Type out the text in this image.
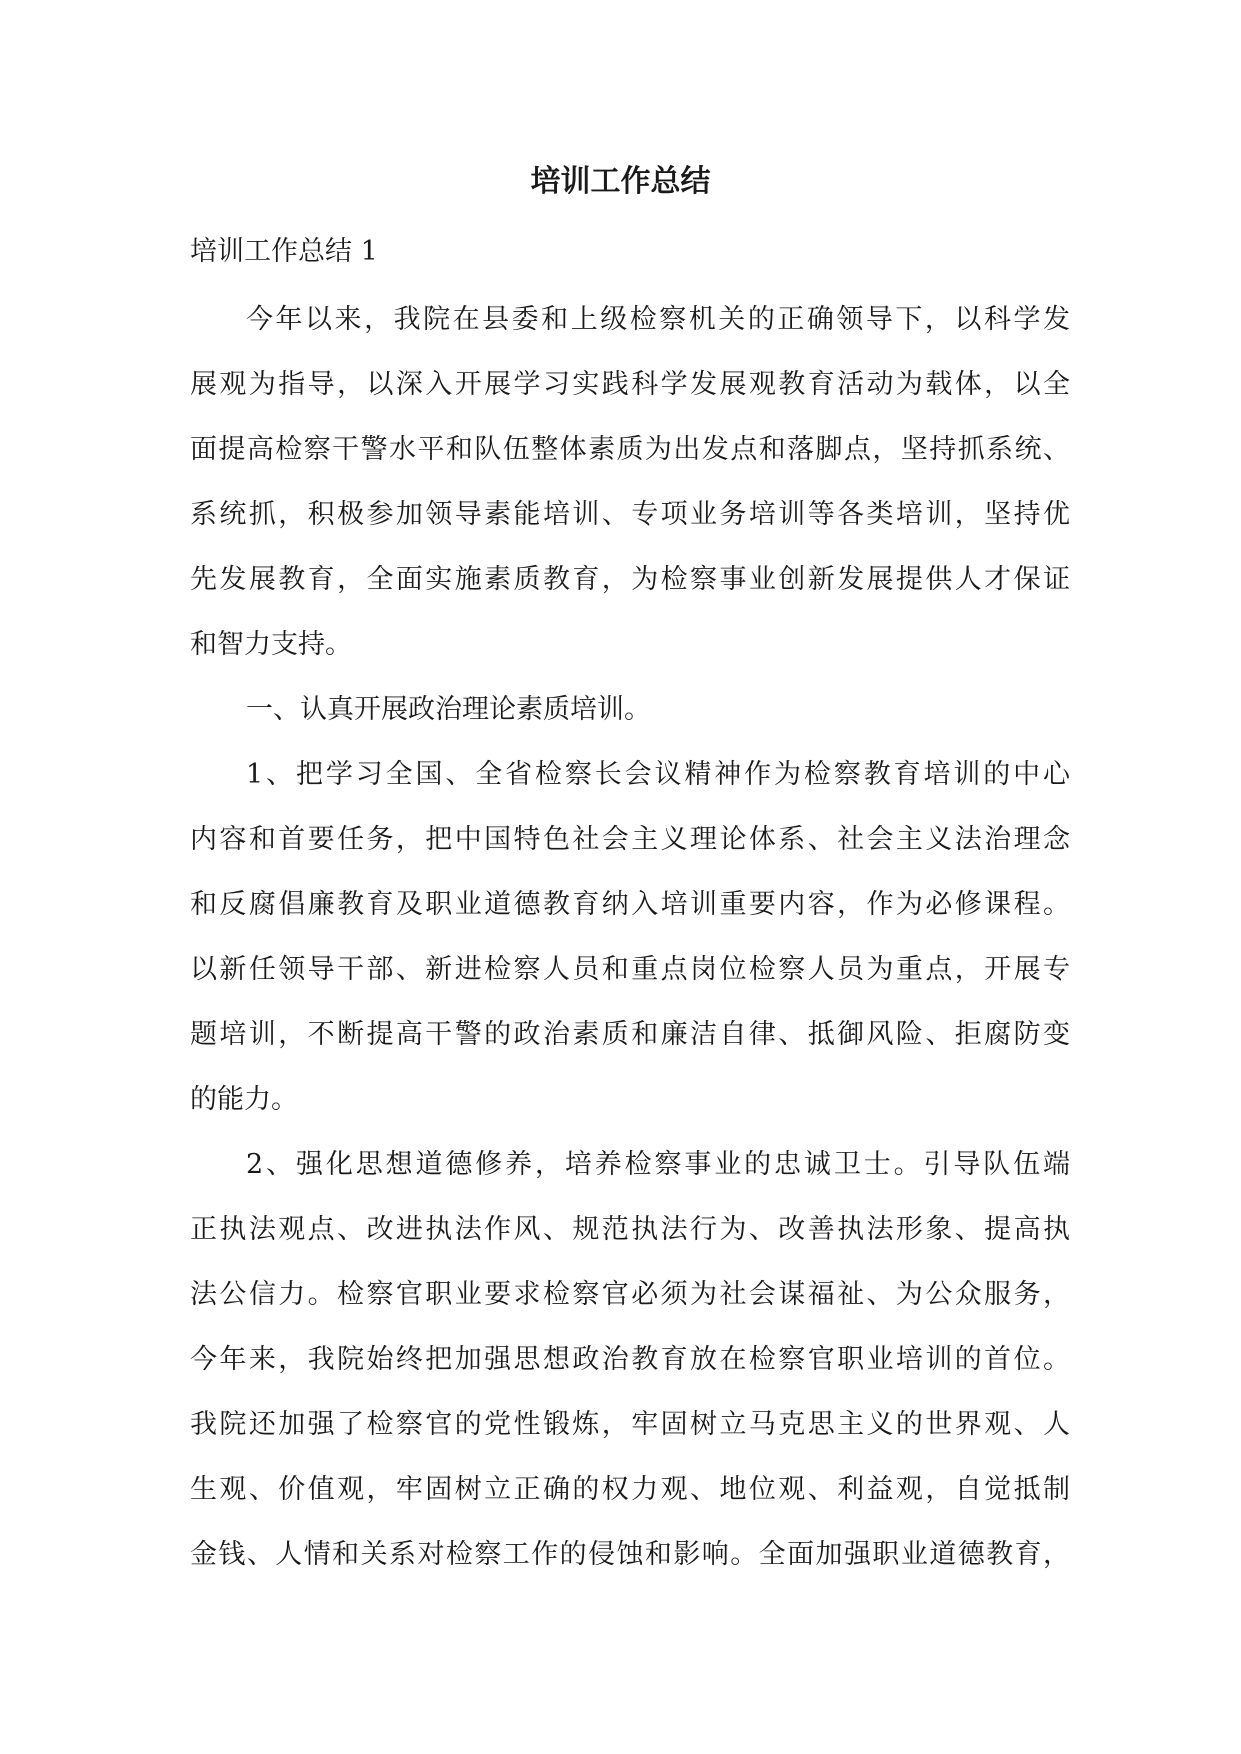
培训工作总结
培训工作总结 1

今年以来，我院在县委和上级检察机关的正确领导下，以科学发
展观为指导，以深入开展学习实践科学发展观教育活动为载体，以全
面提高检察干警水平和队伍整体素质为出发点和落脚点，坚持抓系统、
系统抓，积极参加领导素能培训、专项业务培训等各类培训，坚持优
先发展教育，全面实施素质教育，为检察事业创新发展提供人才保证
和智力支持。

一、认真开展政治理论素质培训。

1、把学习全国、全省检察长会议精神作为检察教育培训的中心
内容和首要任务，把中国特色社会主义理论体系、社会主义法治理念
和反腐倡廉教育及职业道德教育纳入培训重要内容，作为必修课程。
以新任领导干部、新进检察人员和重点岗位检察人员为重点，开展专
题培训，不断提高干警的政治素质和廉洁自律、抵御风险、拒腐防变
的能力。

2、强化思想道德修养，培养检察事业的忠诚卫士。引导队伍端
正执法观点、改进执法作风、规范执法行为、改善执法形象、提高执
法公信力。检察官职业要求检察官必须为社会谋福祉、为公众服务，
今年来，我院始终把加强思想政治教育放在检察官职业培训的首位。
我院还加强了检察官的党性锻炼，牢固树立马克思主义的世界观、人
生观、价值观，牢固树立正确的权力观、地位观、利益观，自觉抵制
金钱、人情和关系对检察工作的侵蚀和影响。全面加强职业道德教育，
